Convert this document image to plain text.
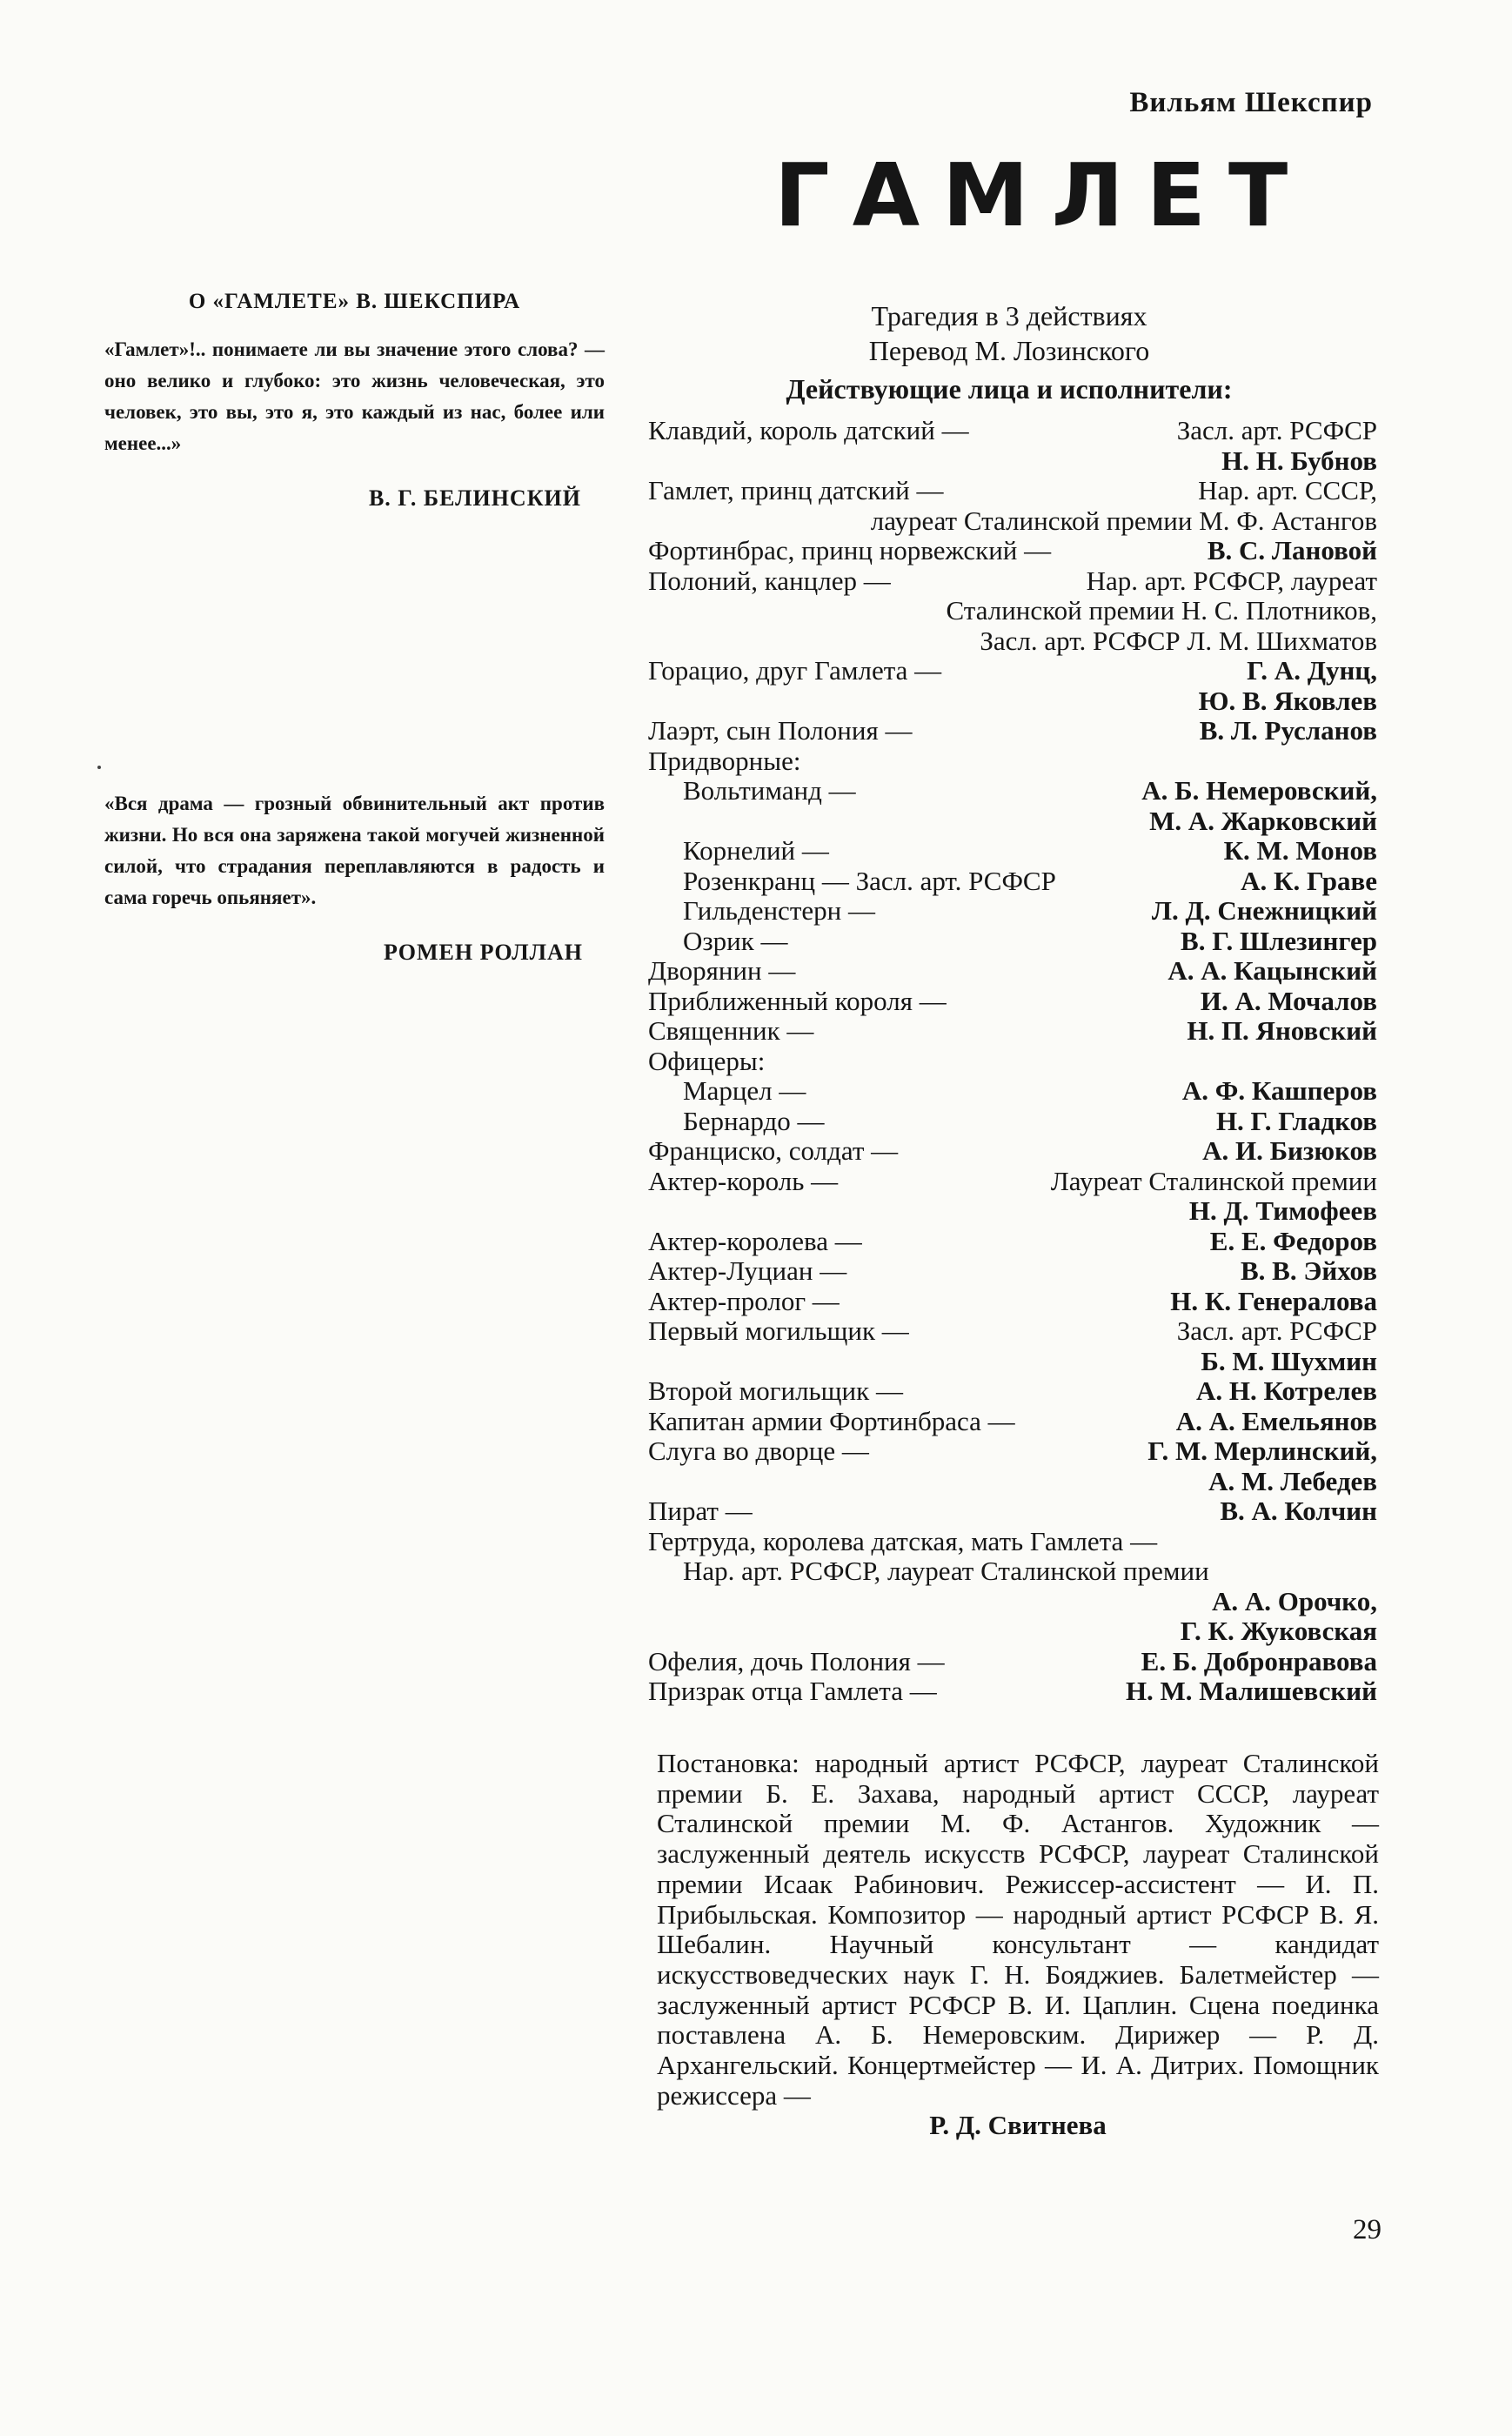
Вильям Шекспир
ГАМЛЕТ
О «ГАМЛЕТЕ» В. ШЕКСПИРА
«Гамлет»!.. понимаете ли вы значение этого слова? — оно велико и глубоко: это жизнь человеческая, это человек, это вы, это я, это каждый из нас, более или менее...»
В. Г. БЕЛИНСКИЙ
«Вся драма — грозный обвинительный акт против жизни. Но вся она заряжена такой могучей жизненной силой, что страдания переплавляются в радость и сама горечь опьяняет».
РОМЕН РОЛЛАН
Трагедия в 3 действиях
Перевод М. Лозинского
Действующие лица и исполнители:
Клавдий, король датский —	Засл. арт. РСФСР
Н. Н. Бубнов
Гамлет, принц датский —	Нар. арт. СССР,
лауреат Сталинской премии М. Ф. Астангов
Фортинбрас, принц норвежский —	В. С. Лановой
Полоний, канцлер —	Нар. арт. РСФСР, лауреат
Сталинской премии Н. С. Плотников,
Засл. арт. РСФСР Л. М. Шихматов
Горацио, друг Гамлета —	Г. А. Дунц,
Ю. В. Яковлев
Лаэрт, сын Полония —	В. Л. Русланов
Придворные:
Вольтиманд —	А. Б. Немеровский,
М. А. Жарковский
Корнелий —	К. М. Монов
Розенкранц — Засл. арт. РСФСР	А. К. Граве
Гильденстерн —	Л. Д. Снежницкий
Озрик —	В. Г. Шлезингер
Дворянин —	А. А. Кацынский
Приближенный короля —	И. А. Мочалов
Священник —	Н. П. Яновский
Офицеры:
Марцел —	А. Ф. Кашперов
Бернардо —	Н. Г. Гладков
Франциско, солдат —	А. И. Бизюков
Актер-король —	Лауреат Сталинской премии
Н. Д. Тимофеев
Актер-королева —	Е. Е. Федоров
Актер-Луциан —	В. В. Эйхов
Актер-пролог —	Н. К. Генералова
Первый могильщик —	Засл. арт. РСФСР
Б. М. Шухмин
Второй могильщик —	А. Н. Котрелев
Капитан армии Фортинбраса —	А. А. Емельянов
Слуга во дворце —	Г. М. Мерлинский,
А. М. Лебедев
Пират —	В. А. Колчин
Гертруда, королева датская, мать Гамлета —
Нар. арт. РСФСР, лауреат Сталинской премии
А. А. Орочко,
Г. К. Жуковская
Офелия, дочь Полония —	Е. Б. Добронравова
Призрак отца Гамлета —	Н. М. Малишевский
Постановка: народный артист РСФСР, лауреат Сталинской премии Б. Е. Захава, народный артист СССР, лауреат Сталинской премии М. Ф. Астангов. Художник — заслуженный деятель искусств РСФСР, лауреат Сталинской премии Исаак Рабинович. Режиссер-ассистент — И. П. Прибыльская. Композитор — народный артист РСФСР В. Я. Шебалин. Научный консультант — кандидат искусствоведческих наук Г. Н. Бояджиев. Балетмейстер — заслуженный артист РСФСР В. И. Цаплин. Сцена поединка поставлена А. Б. Немеровским. Дирижер — Р. Д. Архангельский. Концертмейстер — И. А. Дитрих. Помощник режиссера —
Р. Д. Свитнева
29
